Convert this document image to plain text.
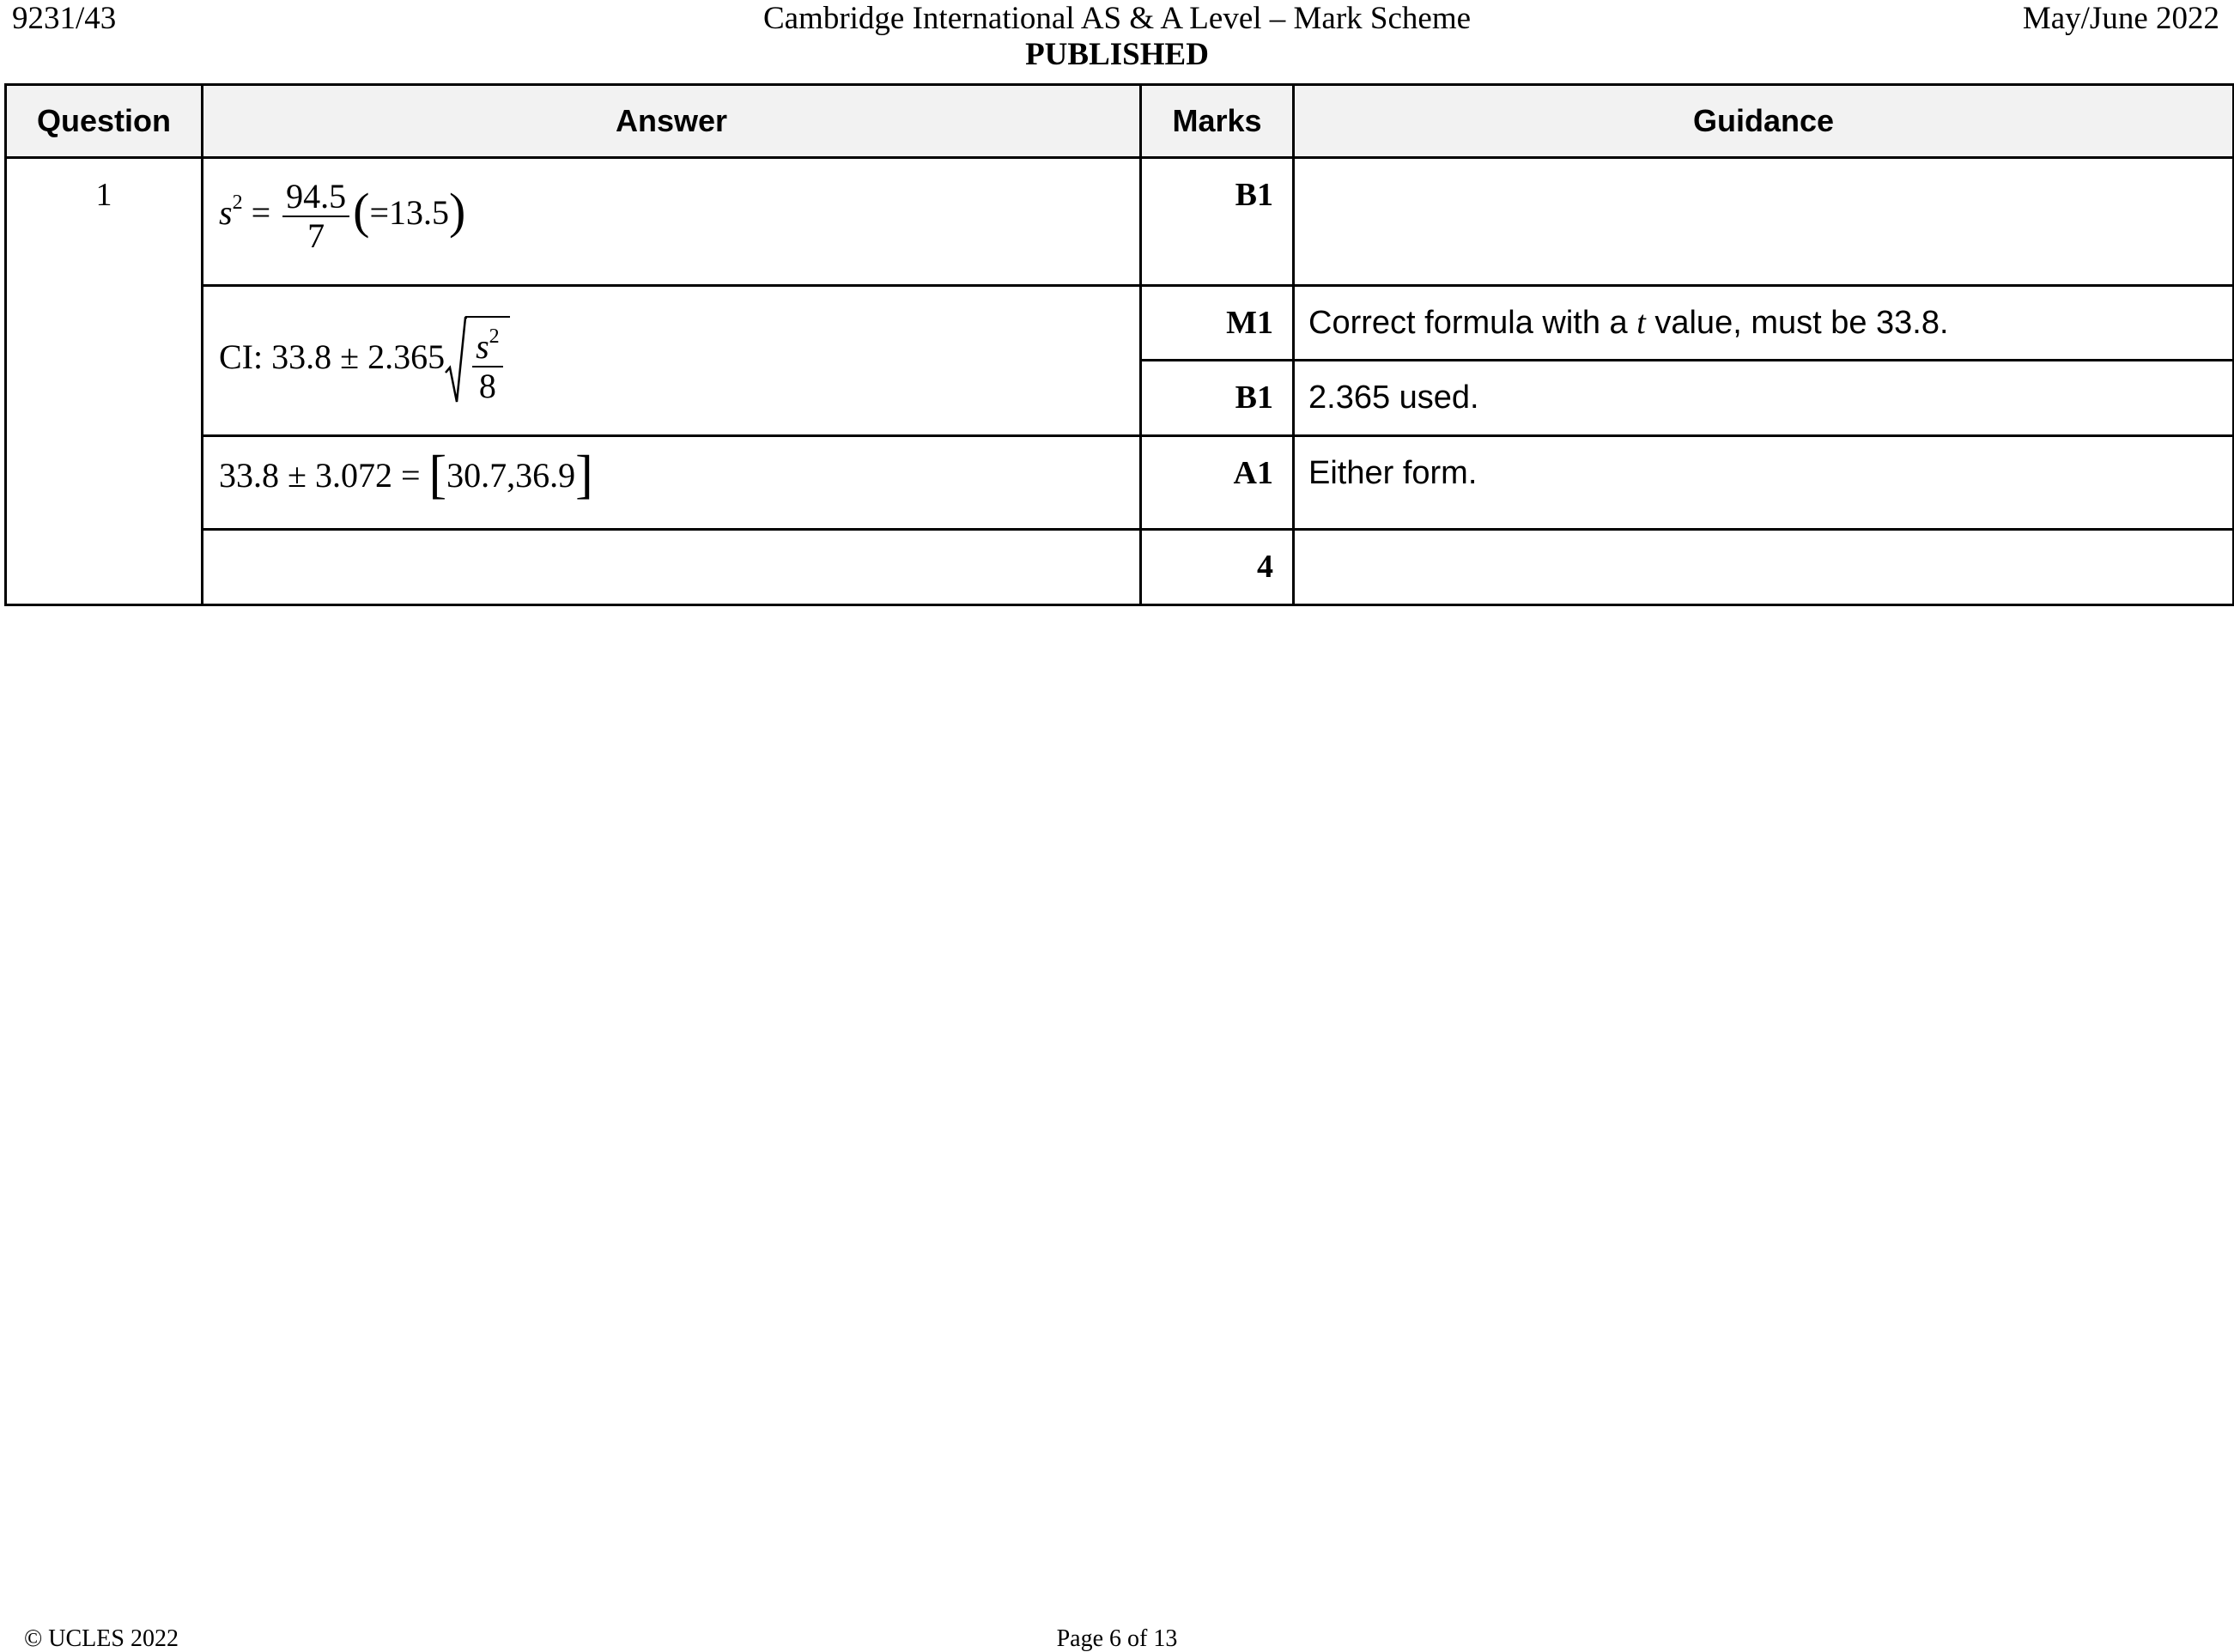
9231/43	Cambridge International AS & A Level – Mark Scheme	May/June 2022
PUBLISHED
Question	Answer	Marks	Guidance
1	$s^2 = \frac{94.5}{7} (=13.5)$	B1	
	CI: $33.8 \pm 2.365 \frac{s^2}{8}$	M1	Correct formula with a t value, must be 33.8.
		B1	2.365 used.
	33.8 ± 3.072 = [30.7,36.9]	A1	Either form.
		4	
© UCLES 2022	Page 6 of 13
